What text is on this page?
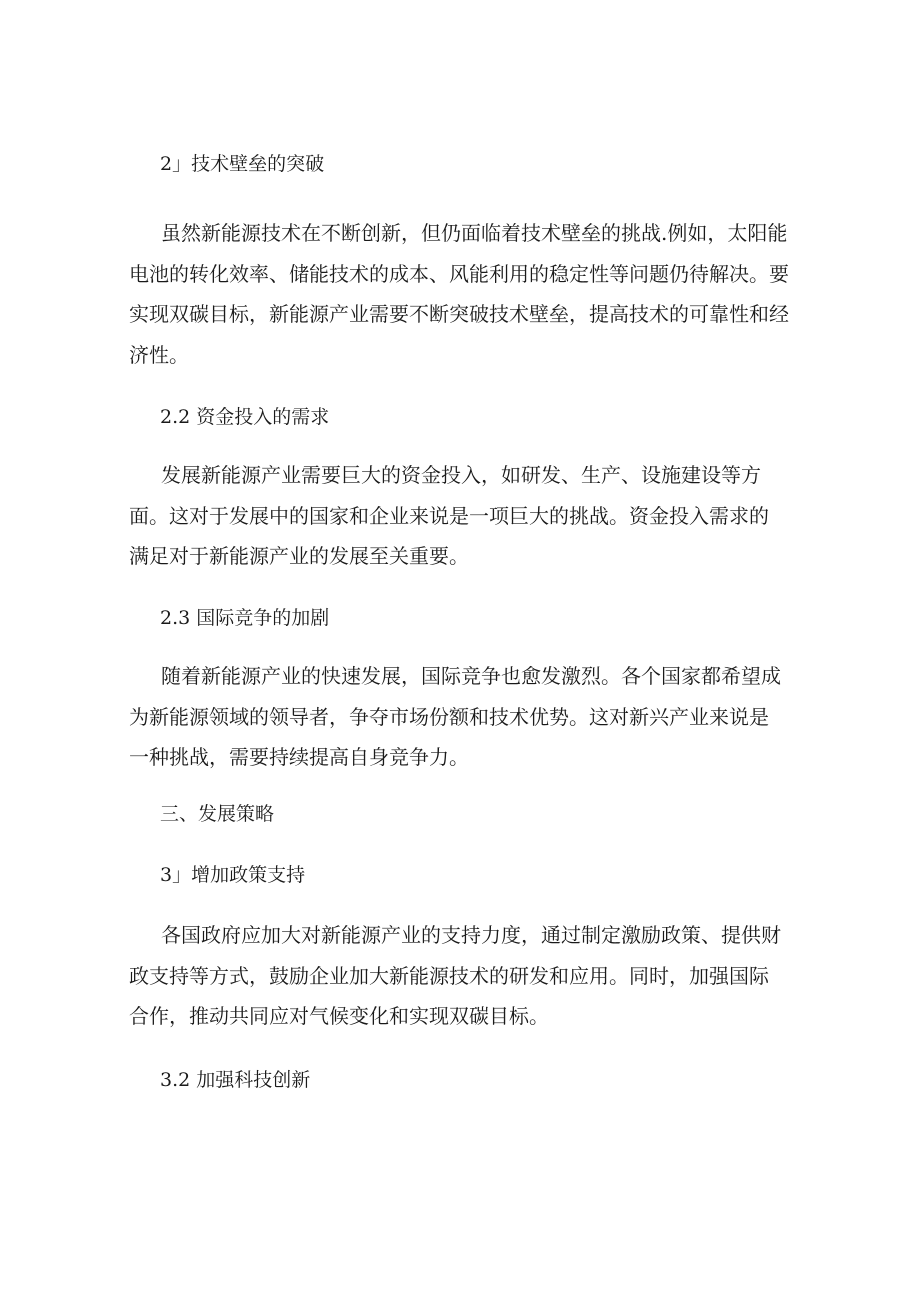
2」技术壁垒的突破
虽然新能源技术在不断创新，但仍面临着技术壁垒的挑战.例如，太阳能
电池的转化效率、储能技术的成本、风能利用的稳定性等问题仍待解决。要
实现双碳目标，新能源产业需要不断突破技术壁垒，提高技术的可靠性和经
济性。
2.2 资金投入的需求
发展新能源产业需要巨大的资金投入，如研发、生产、设施建设等方
面。这对于发展中的国家和企业来说是一项巨大的挑战。资金投入需求的
满足对于新能源产业的发展至关重要。
2.3 国际竞争的加剧
随着新能源产业的快速发展，国际竞争也愈发激烈。各个国家都希望成
为新能源领域的领导者，争夺市场份额和技术优势。这对新兴产业来说是
一种挑战，需要持续提高自身竞争力。
三、发展策略
3」增加政策支持
各国政府应加大对新能源产业的支持力度，通过制定激励政策、提供财
政支持等方式，鼓励企业加大新能源技术的研发和应用。同时，加强国际
合作，推动共同应对气候变化和实现双碳目标。
3.2 加强科技创新
